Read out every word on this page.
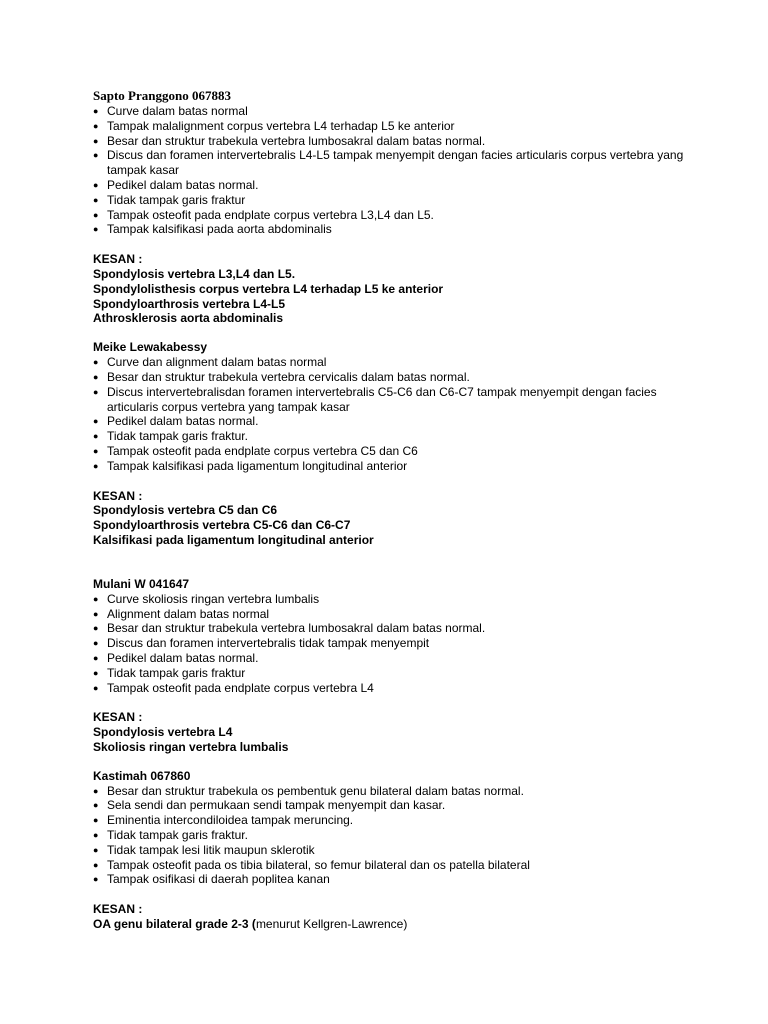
Sapto Pranggono 067883
● Curve dalam batas normal
● Tampak malalignment corpus vertebra L4 terhadap L5 ke anterior
● Besar dan struktur trabekula vertebra lumbosakral dalam batas normal.
● Discus dan foramen intervertebralis L4-L5 tampak menyempit dengan facies articularis corpus vertebra yang tampak kasar
● Pedikel dalam batas normal.
● Tidak tampak garis fraktur
● Tampak osteofit pada endplate corpus vertebra L3,L4 dan L5.
● Tampak kalsifikasi pada aorta abdominalis
KESAN :
Spondylosis vertebra L3,L4 dan L5.
Spondylolisthesis corpus vertebra L4 terhadap L5 ke anterior
Spondyloarthrosis vertebra L4-L5
Athrosklerosis aorta abdominalis
Meike Lewakabessy
● Curve dan alignment dalam batas normal
● Besar dan struktur trabekula vertebra cervicalis dalam batas normal.
● Discus intervertebralisdan foramen intervertebralis C5-C6 dan C6-C7 tampak menyempit dengan facies articularis corpus vertebra yang tampak kasar
● Pedikel dalam batas normal.
● Tidak tampak garis fraktur.
● Tampak osteofit pada endplate corpus vertebra C5 dan C6
● Tampak kalsifikasi pada ligamentum longitudinal anterior
KESAN :
Spondylosis vertebra C5 dan C6
Spondyloarthrosis vertebra C5-C6 dan C6-C7
Kalsifikasi pada ligamentum longitudinal anterior
Mulani W 041647
● Curve skoliosis ringan vertebra lumbalis
● Alignment dalam batas normal
● Besar dan struktur trabekula vertebra lumbosakral dalam batas normal.
● Discus dan foramen intervertebralis tidak tampak menyempit
● Pedikel dalam batas normal.
● Tidak tampak garis fraktur
● Tampak osteofit pada endplate corpus vertebra L4
KESAN :
Spondylosis vertebra L4
Skoliosis ringan vertebra lumbalis
Kastimah 067860
● Besar dan struktur trabekula os pembentuk genu bilateral dalam batas normal.
● Sela sendi dan permukaan sendi tampak menyempit dan kasar.
● Eminentia intercondiloidea tampak meruncing.
● Tidak tampak garis fraktur.
● Tidak tampak lesi litik maupun sklerotik
● Tampak osteofit pada os tibia bilateral, so femur bilateral dan os patella bilateral
● Tampak osifikasi di daerah poplitea kanan
KESAN :
OA genu bilateral grade 2-3 (menurut Kellgren-Lawrence)
